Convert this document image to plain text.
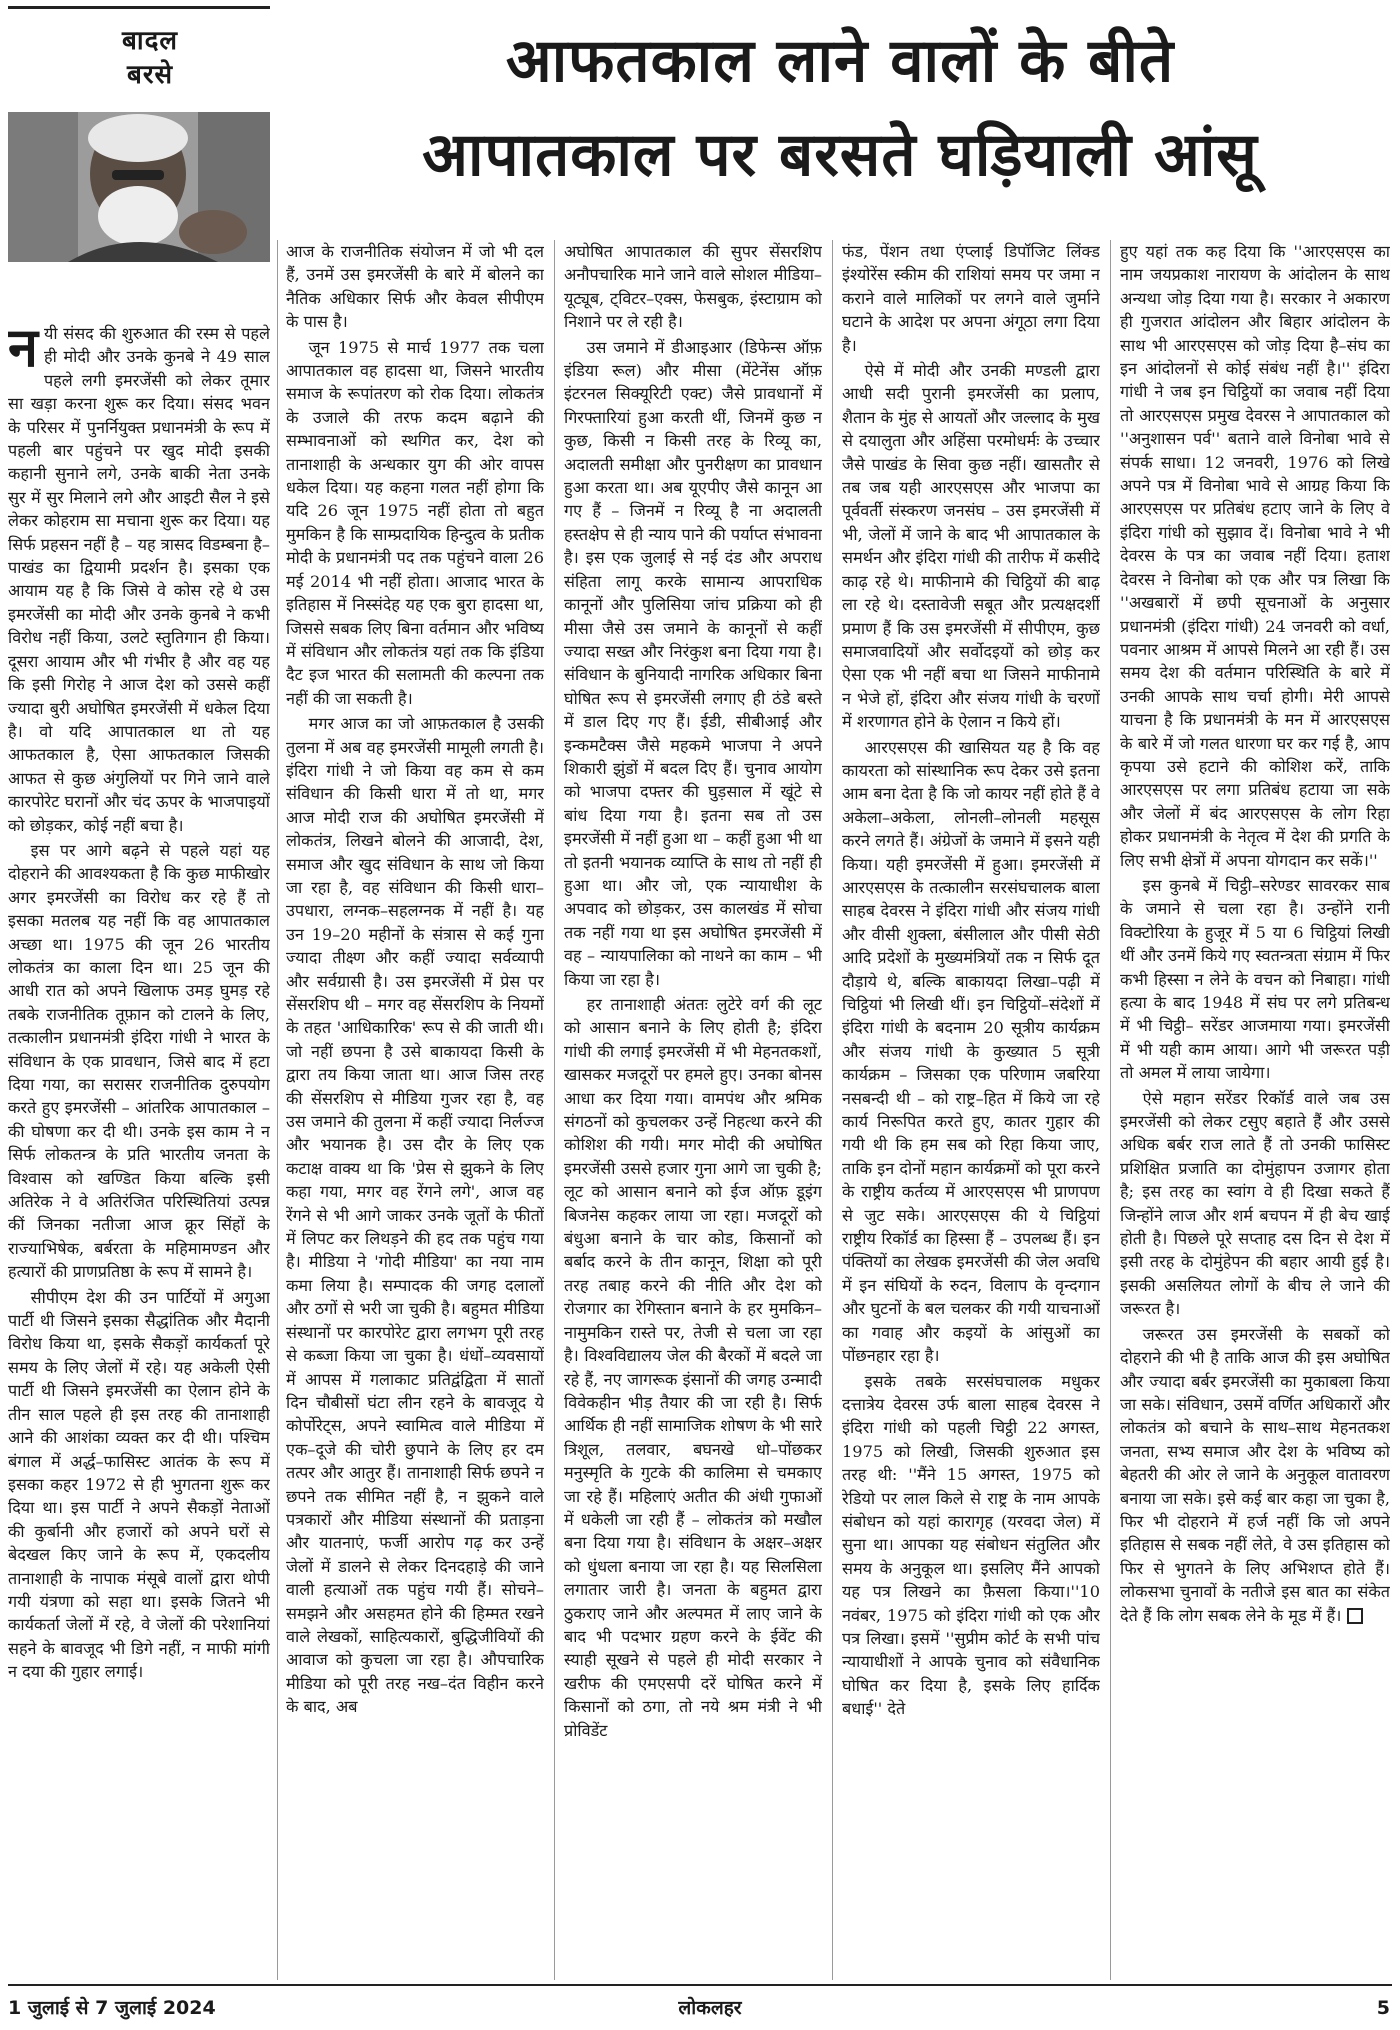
बादल
बरसे	आफतकाल लाने वालों के बीते
आपातकाल पर बरसते घड़ियाली आंसू

नयी संसद की शुरुआत की रस्म से पहले ही मोदी और उनके कुनबे ने 49 साल पहले लगी इमरजेंसी को लेकर तूमार सा खड़ा करना शुरू कर दिया। संसद भवन के परिसर में पुनर्नियुक्त प्रधानमंत्री के रूप में पहली बार पहुंचने पर खुद मोदी इसकी कहानी सुनाने लगे, उनके बाकी नेता उनके सुर में सुर मिलाने लगे और आइटी सैल ने इसे लेकर कोहराम सा मचाना शुरू कर दिया। यह सिर्फ प्रहसन नहीं है – यह त्रासद विडम्बना है– पाखंड का द्वियामी प्रदर्शन है। इसका एक आयाम यह है कि जिसे वे कोस रहे थे उस इमरजेंसी का मोदी और उनके कुनबे ने कभी विरोध नहीं किया, उलटे स्तुतिगान ही किया। दूसरा आयाम और भी गंभीर है और वह यह कि इसी गिरोह ने आज देश को उससे कहीं ज्यादा बुरी अघोषित इमरजेंसी में धकेल दिया है। वो यदि आपातकाल था तो यह आफतकाल है, ऐसा आफतकाल जिसकी आफत से कुछ अंगुलियों पर गिने जाने वाले कारपोरेट घरानों और चंद ऊपर के भाजपाइयों को छोड़कर, कोई नहीं बचा है।

इस पर आगे बढ़ने से पहले यहां यह दोहराने की आवश्यकता है कि कुछ माफीखोर अगर इमरजेंसी का विरोध कर रहे हैं तो इसका मतलब यह नहीं कि वह आपातकाल अच्छा था। 1975 की जून 26 भारतीय लोकतंत्र का काला दिन था। 25 जून की आधी रात को अपने खिलाफ उमड़ घुमड़ रहे तबके राजनीतिक तूफ़ान को टालने के लिए, तत्कालीन प्रधानमंत्री इंदिरा गांधी ने भारत के संविधान के एक प्रावधान, जिसे बाद में हटा दिया गया, का सरासर राजनीतिक दुरुपयोग करते हुए इमरजेंसी – आंतरिक आपातकाल – की घोषणा कर दी थी। उनके इस काम ने न सिर्फ लोकतन्त्र के प्रति भारतीय जनता के विश्वास को खण्डित किया बल्कि इसी अतिरेक ने वे अतिरंजित परिस्थितियां उत्पन्न कीं जिनका नतीजा आज क्रूर सिंहों के राज्याभिषेक, बर्बरता के महिमामण्डन और हत्यारों की प्राणप्रतिष्ठा के रूप में सामने है।

सीपीएम देश की उन पार्टियों में अगुआ पार्टी थी जिसने इसका सैद्धांतिक और मैदानी विरोध किया था, इसके सैकड़ों कार्यकर्ता पूरे समय के लिए जेलों में रहे। यह अकेली ऐसी पार्टी थी जिसने इमरजेंसी का ऐलान होने के तीन साल पहले ही इस तरह की तानाशाही आने की आशंका व्यक्त कर दी थी। पश्चिम बंगाल में अर्द्ध–फासिस्ट आतंक के रूप में इसका कहर 1972 से ही भुगतना शुरू कर दिया था। इस पार्टी ने अपने सैकड़ों नेताओं की कुर्बानी और हजारों को अपने घरों से बेदखल किए जाने के रूप में, एकदलीय तानाशाही के नापाक मंसूबे वालों द्वारा थोपी गयी यंत्रणा को सहा था। इसके जितने भी कार्यकर्ता जेलों में रहे, वे जेलों की परेशानियां सहने के बावजूद भी डिगे नहीं, न माफी मांगी न दया की गुहार लगाई।

आज के राजनीतिक संयोजन में जो भी दल हैं, उनमें उस इमरजेंसी के बारे में बोलने का नैतिक अधिकार सिर्फ और केवल सीपीएम के पास है।

जून 1975 से मार्च 1977 तक चला आपातकाल वह हादसा था, जिसने भारतीय समाज के रूपांतरण को रोक दिया। लोकतंत्र के उजाले की तरफ कदम बढ़ाने की सम्भावनाओं को स्थगित कर, देश को तानाशाही के अन्धकार युग की ओर वापस धकेल दिया। यह कहना गलत नहीं होगा कि यदि 26 जून 1975 नहीं होता तो बहुत मुमकिन है कि साम्प्रदायिक हिन्दुत्व के प्रतीक मोदी के प्रधानमंत्री पद तक पहुंचने वाला 26 मई 2014 भी नहीं होता। आजाद भारत के इतिहास में निस्संदेह यह एक बुरा हादसा था, जिससे सबक लिए बिना वर्तमान और भविष्य में संविधान और लोकतंत्र यहां तक कि इंडिया दैट इज भारत की सलामती की कल्पना तक नहीं की जा सकती है।

मगर आज का जो आफ़तकाल है उसकी तुलना में अब वह इमरजेंसी मामूली लगती है। इंदिरा गांधी ने जो किया वह कम से कम संविधान की किसी धारा में तो था, मगर आज मोदी राज की अघोषित इमरजेंसी में लोकतंत्र, लिखने बोलने की आजादी, देश, समाज और खुद संविधान के साथ जो किया जा रहा है, वह संविधान की किसी धारा–उपधारा, लग्नक–सहलग्नक में नहीं है। यह उन 19–20 महीनों के संत्रास से कई गुना ज्यादा तीक्ष्ण और कहीं ज्यादा सर्वव्यापी और सर्वग्रासी है। उस इमरजेंसी में प्रेस पर सेंसरशिप थी – मगर वह सेंसरशिप के नियमों के तहत 'आधिकारिक' रूप से की जाती थी। जो नहीं छपना है उसे बाकायदा किसी के द्वारा तय किया जाता था। आज जिस तरह की सेंसरशिप से मीडिया गुजर रहा है, वह उस जमाने की तुलना में कहीं ज्यादा निर्लज्ज और भयानक है। उस दौर के लिए एक कटाक्ष वाक्य था कि 'प्रेस से झुकने के लिए कहा गया, मगर वह रेंगने लगे', आज वह रेंगने से भी आगे जाकर उनके जूतों के फीतों में लिपट कर लिथड़ने की हद तक पहुंच गया है। मीडिया ने 'गोदी मीडिया' का नया नाम कमा लिया है। सम्पादक की जगह दलालों और ठगों से भरी जा चुकी है। बहुमत मीडिया संस्थानों पर कारपोरेट द्वारा लगभग पूरी तरह से कब्जा किया जा चुका है। धंधों–व्यवसायों में आपस में गलाकाट प्रतिद्वंद्विता में सातों दिन चौबीसों घंटा लीन रहने के बावजूद ये कोर्पोरेट्स, अपने स्वामित्व वाले मीडिया में एक–दूजे की चोरी छुपाने के लिए हर दम तत्पर और आतुर हैं। तानाशाही सिर्फ छपने न छपने तक सीमित नहीं है, न झुकने वाले पत्रकारों और मीडिया संस्थानों की प्रताड़ना और यातनाएं, फर्जी आरोप गढ़ कर उन्हें जेलों में डालने से लेकर दिनदहाड़े की जाने वाली हत्याओं तक पहुंच गयी हैं। सोचने–समझने और असहमत होने की हिम्मत रखने वाले लेखकों, साहित्यकारों, बुद्धिजीवियों की आवाज को कुचला जा रहा है। औपचारिक मीडिया को पूरी तरह नख–दंत विहीन करने के बाद, अब

अघोषित आपातकाल की सुपर सेंसरशिप अनौपचारिक माने जाने वाले सोशल मीडिया– यूट्यूब, ट्विटर–एक्स, फेसबुक, इंस्टाग्राम को निशाने पर ले रही है।

उस जमाने में डीआइआर (डिफेन्स ऑफ़ इंडिया रूल) और मीसा (मेंटेनेंस ऑफ़ इंटरनल सिक्यूरिटी एक्ट) जैसे प्रावधानों में गिरफ्तारियां हुआ करती थीं, जिनमें कुछ न कुछ, किसी न किसी तरह के रिव्यू का, अदालती समीक्षा और पुनरीक्षण का प्रावधान हुआ करता था। अब यूएपीए जैसे कानून आ गए हैं – जिनमें न रिव्यू है ना अदालती हस्तक्षेप से ही न्याय पाने की पर्याप्त संभावना है। इस एक जुलाई से नई दंड और अपराध संहिता लागू करके सामान्य आपराधिक कानूनों और पुलिसिया जांच प्रक्रिया को ही मीसा जैसे उस जमाने के कानूनों से कहीं ज्यादा सख्त और निरंकुश बना दिया गया है। संविधान के बुनियादी नागरिक अधिकार बिना घोषित रूप से इमरजेंसी लगाए ही ठंडे बस्ते में डाल दिए गए हैं। ईडी, सीबीआई और इन्कमटैक्स जैसे महकमे भाजपा ने अपने शिकारी झुंडों में बदल दिए हैं। चुनाव आयोग को भाजपा दफ्तर की घुड़साल में खूंटे से बांध दिया गया है। इतना सब तो उस इमरजेंसी में नहीं हुआ था – कहीं हुआ भी था तो इतनी भयानक व्याप्ति के साथ तो नहीं ही हुआ था। और जो, एक न्यायाधीश के अपवाद को छोड़कर, उस कालखंड में सोचा तक नहीं गया था इस अघोषित इमरजेंसी में वह – न्यायपालिका को नाथने का काम – भी किया जा रहा है।

हर तानाशाही अंततः लुटेरे वर्ग की लूट को आसान बनाने के लिए होती है; इंदिरा गांधी की लगाई इमरजेंसी में भी मेहनतकशों, खासकर मजदूरों पर हमले हुए। उनका बोनस आधा कर दिया गया। वामपंथ और श्रमिक संगठनों को कुचलकर उन्हें निहत्था करने की कोशिश की गयी। मगर मोदी की अघोषित इमरजेंसी उससे हजार गुना आगे जा चुकी है; लूट को आसान बनाने को ईज ऑफ़ डूइंग बिजनेस कहकर लाया जा रहा। मजदूरों को बंधुआ बनाने के चार कोड, किसानों को बर्बाद करने के तीन कानून, शिक्षा को पूरी तरह तबाह करने की नीति और देश को रोजगार का रेगिस्तान बनाने के हर मुमकिन–नामुमकिन रास्ते पर, तेजी से चला जा रहा है। विश्वविद्यालय जेल की बैरकों में बदले जा रहे हैं, नए जागरूक इंसानों की जगह उन्मादी विवेकहीन भीड़ तैयार की जा रही है। सिर्फ आर्थिक ही नहीं सामाजिक शोषण के भी सारे त्रिशूल, तलवार, बघनखे धो–पोंछकर मनुस्मृति के गुटके की कालिमा से चमकाए जा रहे हैं। महिलाएं अतीत की अंधी गुफाओं में धकेली जा रही हैं – लोकतंत्र को मखौल बना दिया गया है। संविधान के अक्षर–अक्षर को धुंधला बनाया जा रहा है। यह सिलसिला लगातार जारी है। जनता के बहुमत द्वारा ठुकराए जाने और अल्पमत में लाए जाने के बाद भी पदभार ग्रहण करने के ईवेंट की स्याही सूखने से पहले ही मोदी सरकार ने खरीफ की एमएसपी दरें घोषित करने में किसानों को ठगा, तो नये श्रम मंत्री ने भी प्रोविडेंट

फंड, पेंशन तथा एंप्लाई डिपॉजिट लिंक्ड इंश्योरेंस स्कीम की राशियां समय पर जमा न कराने वाले मालिकों पर लगने वाले जुर्माने घटाने के आदेश पर अपना अंगूठा लगा दिया है।

ऐसे में मोदी और उनकी मण्डली द्वारा आधी सदी पुरानी इमरजेंसी का प्रलाप, शैतान के मुंह से आयतों और जल्लाद के मुख से दयालुता और अहिंसा परमोधर्मः के उच्चार जैसे पाखंड के सिवा कुछ नहीं। खासतौर से तब जब यही आरएसएस और भाजपा का पूर्ववर्ती संस्करण जनसंघ – उस इमरजेंसी में भी, जेलों में जाने के बाद भी आपातकाल के समर्थन और इंदिरा गांधी की तारीफ में कसीदे काढ़ रहे थे। माफीनामे की चिट्ठियों की बाढ़ ला रहे थे। दस्तावेजी सबूत और प्रत्यक्षदर्शी प्रमाण हैं कि उस इमरजेंसी में सीपीएम, कुछ समाजवादियों और सर्वोदइयों को छोड़ कर ऐसा एक भी नहीं बचा था जिसने माफीनामे न भेजे हों, इंदिरा और संजय गांधी के चरणों में शरणागत होने के ऐलान न किये हों।

आरएसएस की खासियत यह है कि वह कायरता को सांस्थानिक रूप देकर उसे इतना आम बना देता है कि जो कायर नहीं होते हैं वे अकेला–अकेला, लोनली–लोनली महसूस करने लगते हैं। अंग्रेजों के जमाने में इसने यही किया। यही इमरजेंसी में हुआ। इमरजेंसी में आरएसएस के तत्कालीन सरसंघचालक बाला साहब देवरस ने इंदिरा गांधी और संजय गांधी और वीसी शुक्ला, बंसीलाल और पीसी सेठी आदि प्रदेशों के मुख्यमंत्रियों तक न सिर्फ दूत दौड़ाये थे, बल्कि बाकायदा लिखा–पढ़ी में चिट्ठियां भी लिखी थीं। इन चिट्ठियों–संदेशों में इंदिरा गांधी के बदनाम 20 सूत्रीय कार्यक्रम और संजय गांधी के कुख्यात 5 सूत्री कार्यक्रम – जिसका एक परिणाम जबरिया नसबन्दी थी – को राष्ट्र–हित में किये जा रहे कार्य निरूपित करते हुए, कातर गुहार की गयी थी कि हम सब को रिहा किया जाए, ताकि इन दोनों महान कार्यक्रमों को पूरा करने के राष्ट्रीय कर्तव्य में आरएसएस भी प्राणपण से जुट सके। आरएसएस की ये चिट्ठियां राष्ट्रीय रिकॉर्ड का हिस्सा हैं – उपलब्ध हैं। इन पंक्तियों का लेखक इमरजेंसी की जेल अवधि में इन संघियों के रुदन, विलाप के वृन्दगान और घुटनों के बल चलकर की गयी याचनाओं का गवाह और कइयों के आंसुओं का पोंछनहार रहा है।

इसके तबके सरसंघचालक मधुकर दत्तात्रेय देवरस उर्फ बाला साहब देवरस ने इंदिरा गांधी को पहली चिट्ठी 22 अगस्त, 1975 को लिखी, जिसकी शुरुआत इस तरह थी: ''मैंने 15 अगस्त, 1975 को रेडियो पर लाल किले से राष्ट्र के नाम आपके संबोधन को यहां कारागृह (यरवदा जेल) में सुना था। आपका यह संबोधन संतुलित और समय के अनुकूल था। इसलिए मैंने आपको यह पत्र लिखने का फ़ैसला किया।''10 नवंबर, 1975 को इंदिरा गांधी को एक और पत्र लिखा। इसमें ''सुप्रीम कोर्ट के सभी पांच न्यायाधीशों ने आपके चुनाव को संवैधानिक घोषित कर दिया है, इसके लिए हार्दिक बधाई'' देते

हुए यहां तक कह दिया कि ''आरएसएस का नाम जयप्रकाश नारायण के आंदोलन के साथ अन्यथा जोड़ दिया गया है। सरकार ने अकारण ही गुजरात आंदोलन और बिहार आंदोलन के साथ भी आरएसएस को जोड़ दिया है–संघ का इन आंदोलनों से कोई संबंध नहीं है।'' इंदिरा गांधी ने जब इन चिट्ठियों का जवाब नहीं दिया तो आरएसएस प्रमुख देवरस ने आपातकाल को ''अनुशासन पर्व'' बताने वाले विनोबा भावे से संपर्क साधा। 12 जनवरी, 1976 को लिखे अपने पत्र में विनोबा भावे से आग्रह किया कि आरएसएस पर प्रतिबंध हटाए जाने के लिए वे इंदिरा गांधी को सुझाव दें। विनोबा भावे ने भी देवरस के पत्र का जवाब नहीं दिया। हताश देवरस ने विनोबा को एक और पत्र लिखा कि ''अखबारों में छपी सूचनाओं के अनुसार प्रधानमंत्री (इंदिरा गांधी) 24 जनवरी को वर्धा, पवनार आश्रम में आपसे मिलने आ रही हैं। उस समय देश की वर्तमान परिस्थिति के बारे में उनकी आपके साथ चर्चा होगी। मेरी आपसे याचना है कि प्रधानमंत्री के मन में आरएसएस के बारे में जो गलत धारणा घर कर गई है, आप कृपया उसे हटाने की कोशिश करें, ताकि आरएसएस पर लगा प्रतिबंध हटाया जा सके और जेलों में बंद आरएसएस के लोग रिहा होकर प्रधानमंत्री के नेतृत्व में देश की प्रगति के लिए सभी क्षेत्रों में अपना योगदान कर सकें।''

इस कुनबे में चिट्ठी–सरेण्डर सावरकर साब के जमाने से चला रहा है। उन्होंने रानी विक्टोरिया के हुजूर में 5 या 6 चिट्ठियां लिखी थीं और उनमें किये गए स्वतन्त्रता संग्राम में फिर कभी हिस्सा न लेने के वचन को निबाहा। गांधी हत्या के बाद 1948 में संघ पर लगे प्रतिबन्ध में भी चिट्ठी– सरेंडर आजमाया गया। इमरजेंसी में भी यही काम आया। आगे भी जरूरत पड़ी तो अमल में लाया जायेगा।

ऐसे महान सरेंडर रिकॉर्ड वाले जब उस इमरजेंसी को लेकर टसुए बहाते हैं और उससे अधिक बर्बर राज लाते हैं तो उनकी फासिस्ट प्रशिक्षित प्रजाति का दोमुंहापन उजागर होता है; इस तरह का स्वांग वे ही दिखा सकते हैं जिन्होंने लाज और शर्म बचपन में ही बेच खाई होती है। पिछले पूरे सप्ताह दस दिन से देश में इसी तरह के दोमुंहेपन की बहार आयी हुई है। इसकी असलियत लोगों के बीच ले जाने की जरूरत है।

जरूरत उस इमरजेंसी के सबकों को दोहराने की भी है ताकि आज की इस अघोषित और ज्यादा बर्बर इमरजेंसी का मुकाबला किया जा सके। संविधान, उसमें वर्णित अधिकारों और लोकतंत्र को बचाने के साथ–साथ मेहनतकश जनता, सभ्य समाज और देश के भविष्य को बेहतरी की ओर ले जाने के अनुकूल वातावरण बनाया जा सके। इसे कई बार कहा जा चुका है, फिर भी दोहराने में हर्ज नहीं कि जो अपने इतिहास से सबक नहीं लेते, वे उस इतिहास को फिर से भुगतने के लिए अभिशप्त होते हैं। लोकसभा चुनावों के नतीजे इस बात का संकेत देते हैं कि लोग सबक लेने के मूड में हैं।

1 जुलाई से 7 जुलाई 2024	लोकलहर	5
